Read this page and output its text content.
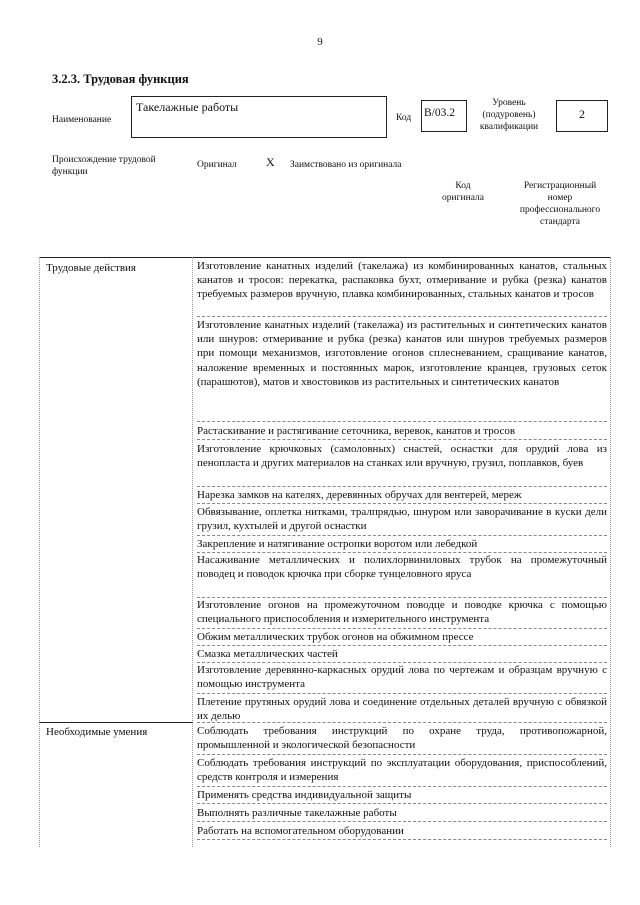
9
3.2.3. Трудовая функция
Наименование
Такелажные работы
Код B/03.2
Уровень (подуровень) квалификации
2
Происхождение трудовой функции
Оригинал X Заимствовано из оригинала
Код оригинала
Регистрационный номер профессионального стандарта
Трудовые действия
Необходимые умения
Изготовление канатных изделий (такелажа) из комбинированных канатов, стальных канатов и тросов: перекатка, распаковка бухт, отмеривание и рубка (резка) канатов требуемых размеров вручную, плавка комбинированных, стальных канатов и тросов
Изготовление канатных изделий (такелажа) из растительных и синтетических канатов или шнуров: отмеривание и рубка (резка) канатов или шнуров требуемых размеров при помощи механизмов, изготовление огонов сплесневанием, сращивание канатов, наложение временных и постоянных марок, изготовление кранцев, грузовых сеток (парашютов), матов и хвостовиков из растительных и синтетических канатов
Растаскивание и растягивание сеточника, веревок, канатов и тросов
Изготовление крючковых (самоловных) снастей, оснастки для орудий лова из пенопласта и других материалов на станках или вручную, грузил, поплавков, буев
Нарезка замков на кателях, деревянных обручах для вентерей, мереж
Обвязывание, оплетка нитками, тралпрядью, шнуром или заворачивание в куски дели грузил, кухтылей и другой оснастки
Закрепление и натягивание остропки воротом или лебедкой
Насаживание металлических и полихлорвиниловых трубок на промежуточный поводец и поводок крючка при сборке тунцеловного яруса
Изготовление огонов на промежуточном поводце и поводке крючка с помощью специального приспособления и измерительного инструмента
Обжим металлических трубок огонов на обжимном прессе
Смазка металлических частей
Изготовление деревянно-каркасных орудий лова по чертежам и образцам вручную с помощью инструмента
Плетение прутяных орудий лова и соединение отдельных деталей вручную с обвязкой их делью
Соблюдать требования инструкций по охране труда, противопожарной, промышленной и экологической безопасности
Соблюдать требования инструкций по эксплуатации оборудования, приспособлений, средств контроля и измерения
Применять средства индивидуальной защиты
Выполнять различные такелажные работы
Работать на вспомогательном оборудовании
